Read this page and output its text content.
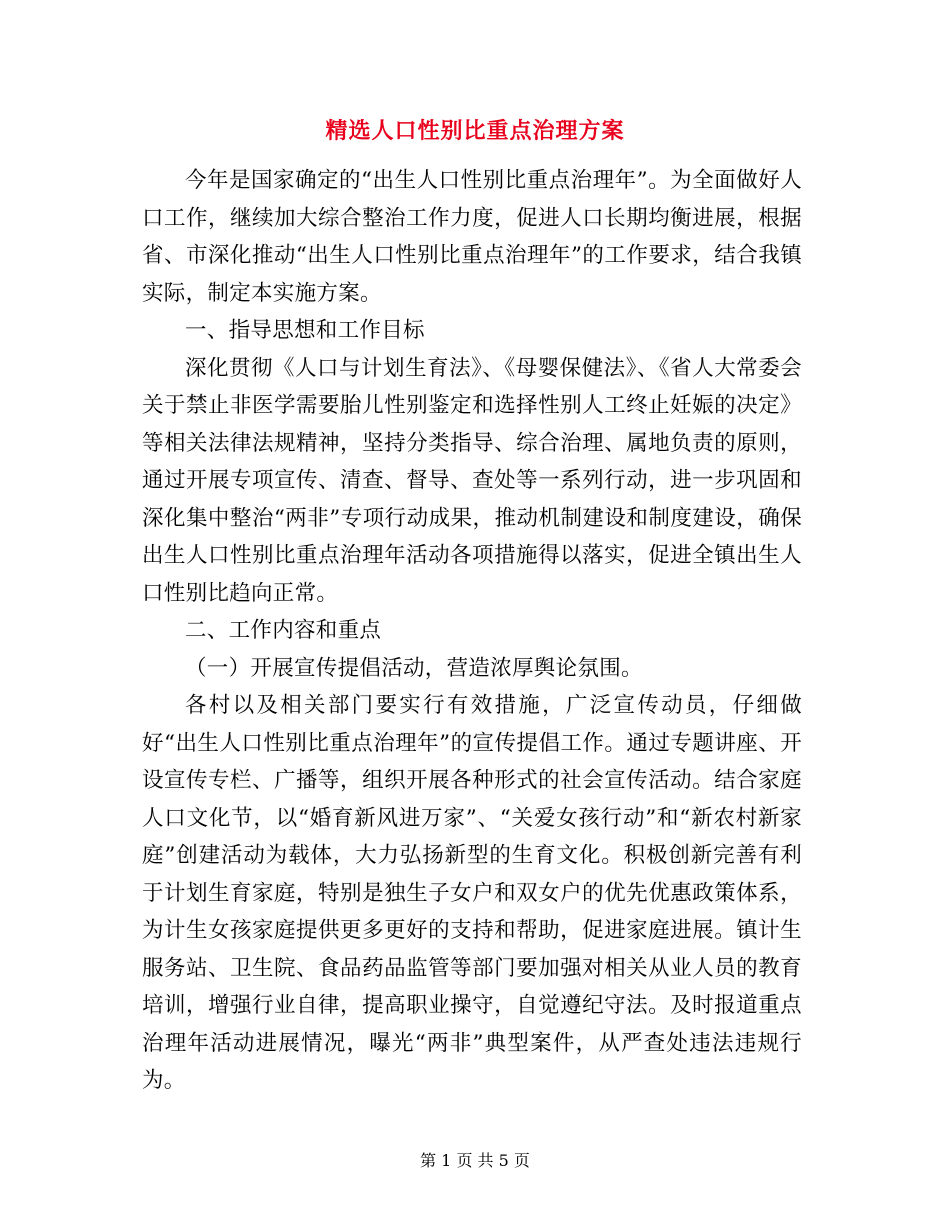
精选人口性别比重点治理方案

今年是国家确定的“出生人口性别比重点治理年”。为全面做好人口工作，继续加大综合整治工作力度，促进人口长期均衡进展，根据省、市深化推动“出生人口性别比重点治理年”的工作要求，结合我镇实际，制定本实施方案。

一、指导思想和工作目标

深化贯彻《人口与计划生育法》、《母婴保健法》、《省人大常委会关于禁止非医学需要胎儿性别鉴定和选择性别人工终止妊娠的决定》等相关法律法规精神，坚持分类指导、综合治理、属地负责的原则，通过开展专项宣传、清查、督导、查处等一系列行动，进一步巩固和深化集中整治“两非”专项行动成果，推动机制建设和制度建设，确保出生人口性别比重点治理年活动各项措施得以落实，促进全镇出生人口性别比趋向正常。

二、工作内容和重点

（一）开展宣传提倡活动，营造浓厚舆论氛围。

各村以及相关部门要实行有效措施，广泛宣传动员，仔细做好“出生人口性别比重点治理年”的宣传提倡工作。通过专题讲座、开设宣传专栏、广播等，组织开展各种形式的社会宣传活动。结合家庭人口文化节，以“婚育新风进万家”、“关爱女孩行动”和“新农村新家庭”创建活动为载体，大力弘扬新型的生育文化。积极创新完善有利于计划生育家庭，特别是独生子女户和双女户的优先优惠政策体系，为计生女孩家庭提供更多更好的支持和帮助，促进家庭进展。镇计生服务站、卫生院、食品药品监管等部门要加强对相关从业人员的教育培训，增强行业自律，提高职业操守，自觉遵纪守法。及时报道重点治理年活动进展情况，曝光“两非”典型案件，从严查处违法违规行为。

第 1 页 共 5 页
